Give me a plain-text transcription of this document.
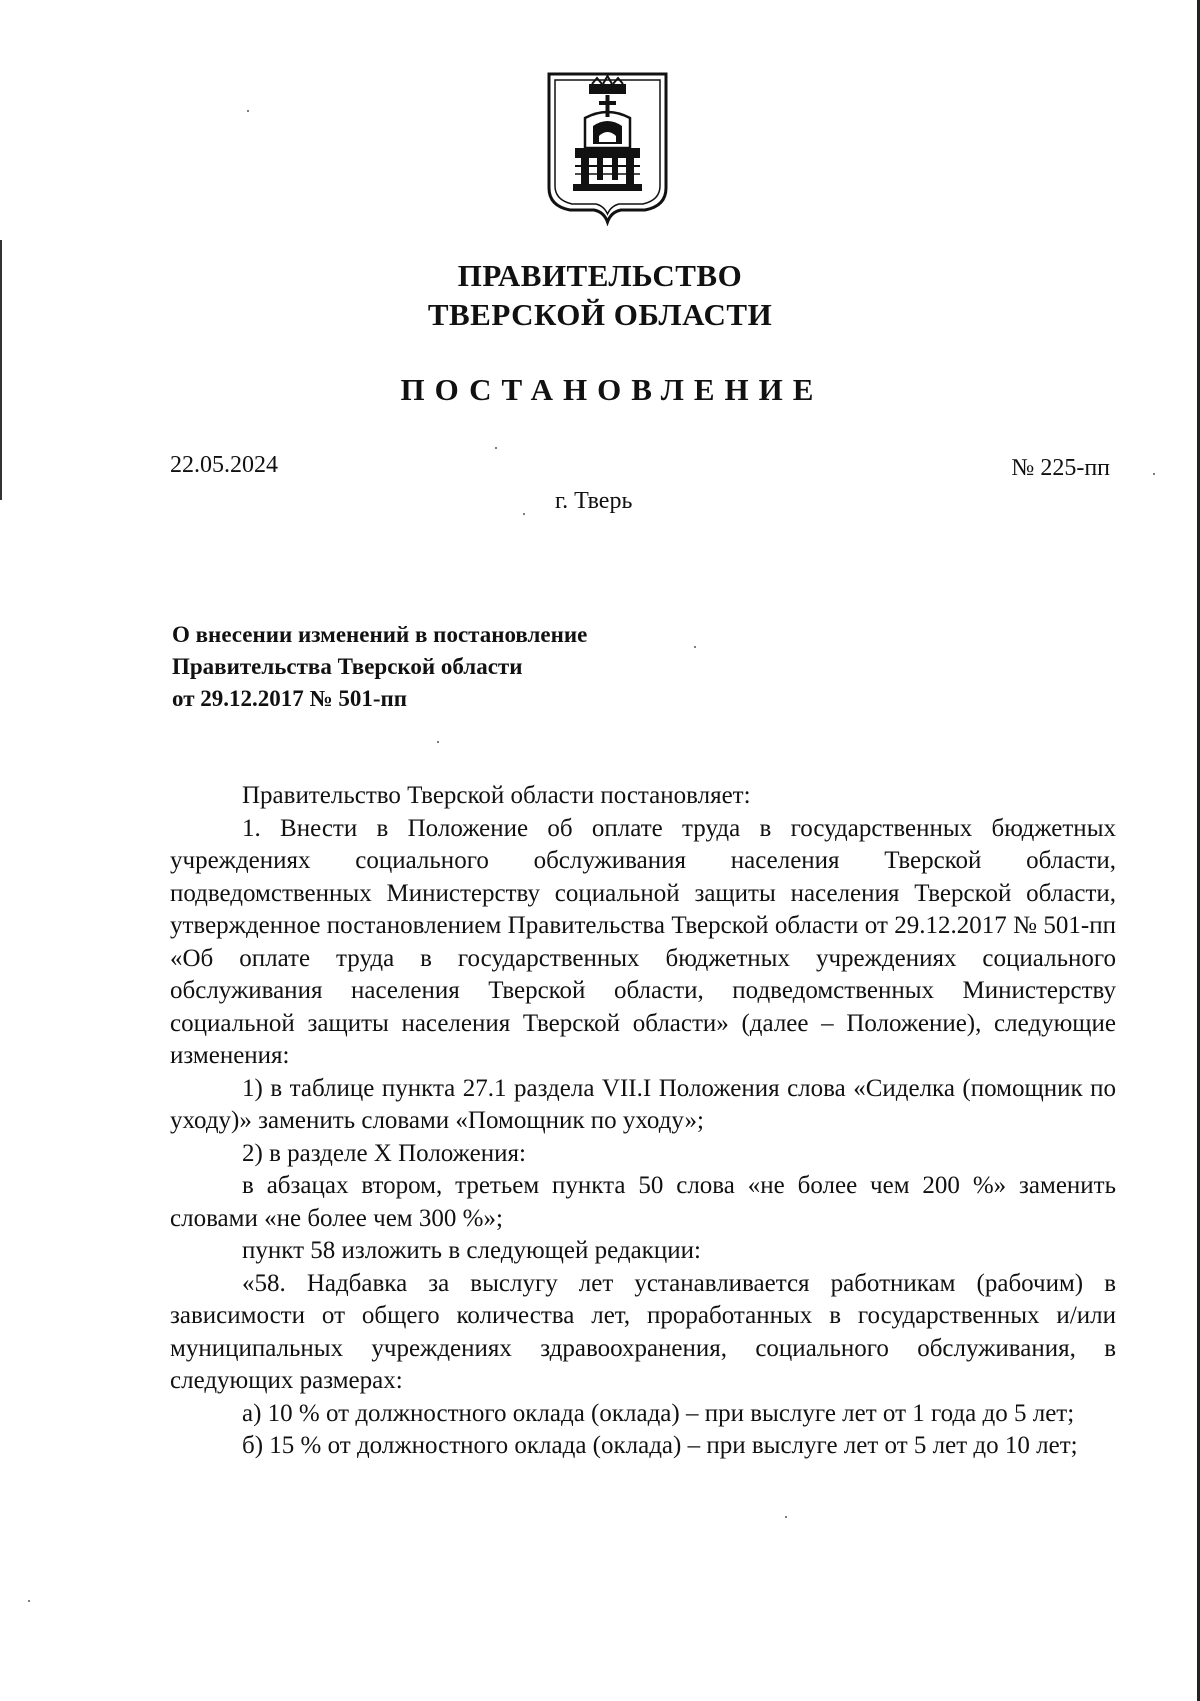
ПРАВИТЕЛЬСТВО
ТВЕРСКОЙ ОБЛАСТИ
ПОСТАНОВЛЕНИЕ
22.05.2024	№ 225-пп
г. Тверь
О внесении изменений в постановление
Правительства Тверской области
от 29.12.2017 № 501-пп

Правительство Тверской области постановляет:

1. Внести в Положение об оплате труда в государственных бюджетных учреждениях социального обслуживания населения Тверской области, подведомственных Министерству социальной защиты населения Тверской области, утвержденное постановлением Правительства Тверской области от 29.12.2017 № 501-пп «Об оплате труда в государственных бюджетных учреждениях социального обслуживания населения Тверской области, подведомственных Министерству социальной защиты населения Тверской области» (далее – Положение), следующие изменения:

1) в таблице пункта 27.1 раздела VII.I Положения слова «Сиделка (помощник по уходу)» заменить словами «Помощник по уходу»;

2) в разделе X Положения:

в абзацах втором, третьем пункта 50 слова «не более чем 200 %» заменить словами «не более чем 300 %»;

пункт 58 изложить в следующей редакции:

«58. Надбавка за выслугу лет устанавливается работникам (рабочим) в зависимости от общего количества лет, проработанных в государственных и/или муниципальных учреждениях здравоохранения, социального обслуживания, в следующих размерах:

а) 10 % от должностного оклада (оклада) – при выслуге лет от 1 года до 5 лет;

б) 15 % от должностного оклада (оклада) – при выслуге лет от 5 лет до 10 лет;
